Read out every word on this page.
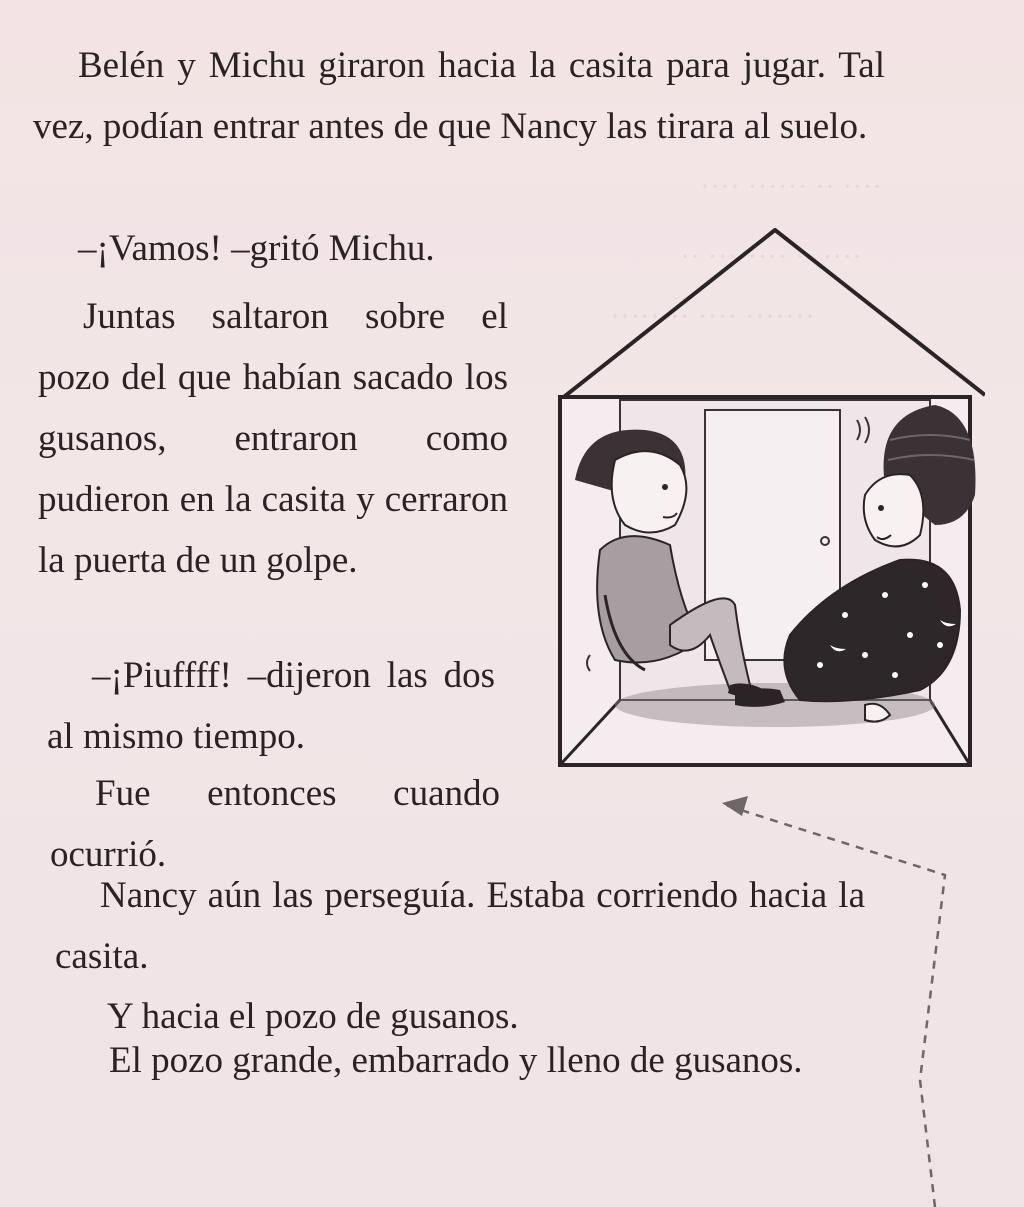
···· ······ ·· ····
·· ········ ·· ····
········ ···· ·······

Belén y Michu giraron hacia la casita para jugar. Tal vez, podían entrar antes de que Nancy las tirara al suelo.

–¡Vamos! –gritó Michu.

Juntas saltaron sobre el pozo del que habían sacado los gusanos, entraron como pudieron en la casita y cerraron la puerta de un golpe.

–¡Piuffff! –dijeron las dos al mismo tiempo.

Fue entonces cuando ocurrió.

Nancy aún las perseguía. Estaba corriendo hacia la casita.

Y hacia el pozo de gusanos.

El pozo grande, embarrado y lleno de gusanos.
